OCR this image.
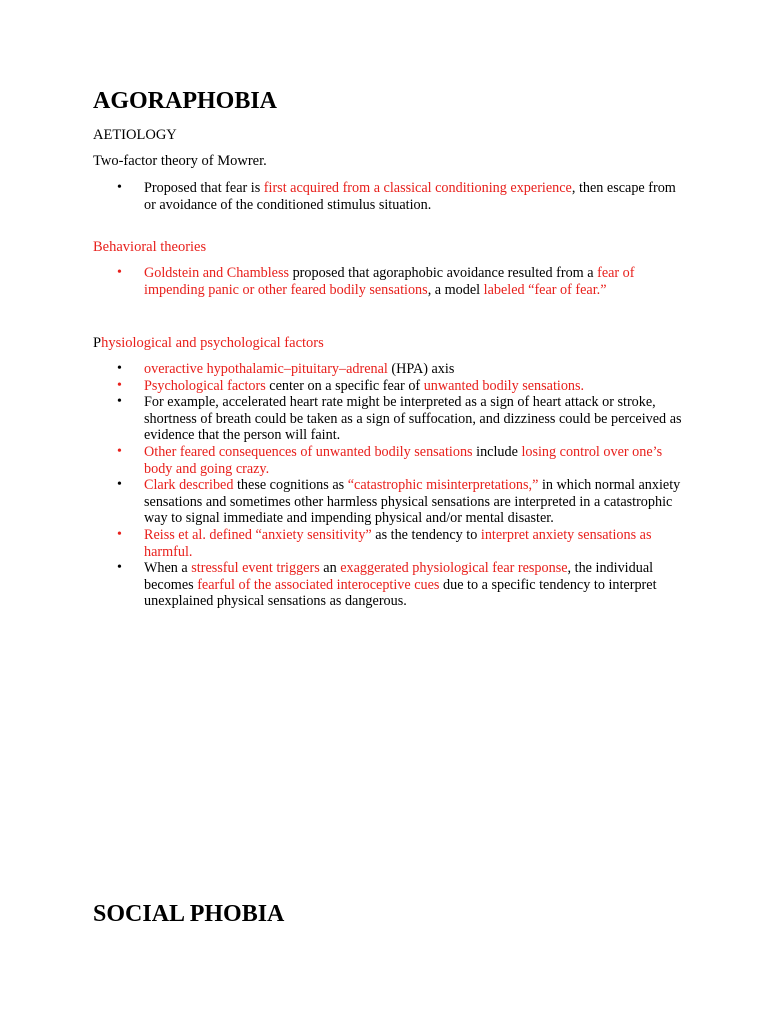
AGORAPHOBIA

AETIOLOGY

Two-factor theory of Mowrer.

• Proposed that fear is first acquired from a classical conditioning experience, then escape from or avoidance of the conditioned stimulus situation.

Behavioral theories

• Goldstein and Chambless proposed that agoraphobic avoidance resulted from a fear of impending panic or other feared bodily sensations, a model labeled “fear of fear.”

Physiological and psychological factors

• overactive hypothalamic–pituitary–adrenal (HPA) axis
• Psychological factors center on a specific fear of unwanted bodily sensations.
• For example, accelerated heart rate might be interpreted as a sign of heart attack or stroke, shortness of breath could be taken as a sign of suffocation, and dizziness could be perceived as evidence that the person will faint.
• Other feared consequences of unwanted bodily sensations include losing control over one’s body and going crazy.
• Clark described these cognitions as “catastrophic misinterpretations,” in which normal anxiety sensations and sometimes other harmless physical sensations are interpreted in a catastrophic way to signal immediate and impending physical and/or mental disaster.
• Reiss et al. defined “anxiety sensitivity” as the tendency to interpret anxiety sensations as harmful.
• When a stressful event triggers an exaggerated physiological fear response, the individual becomes fearful of the associated interoceptive cues due to a specific tendency to interpret unexplained physical sensations as dangerous.
SOCIAL PHOBIA
